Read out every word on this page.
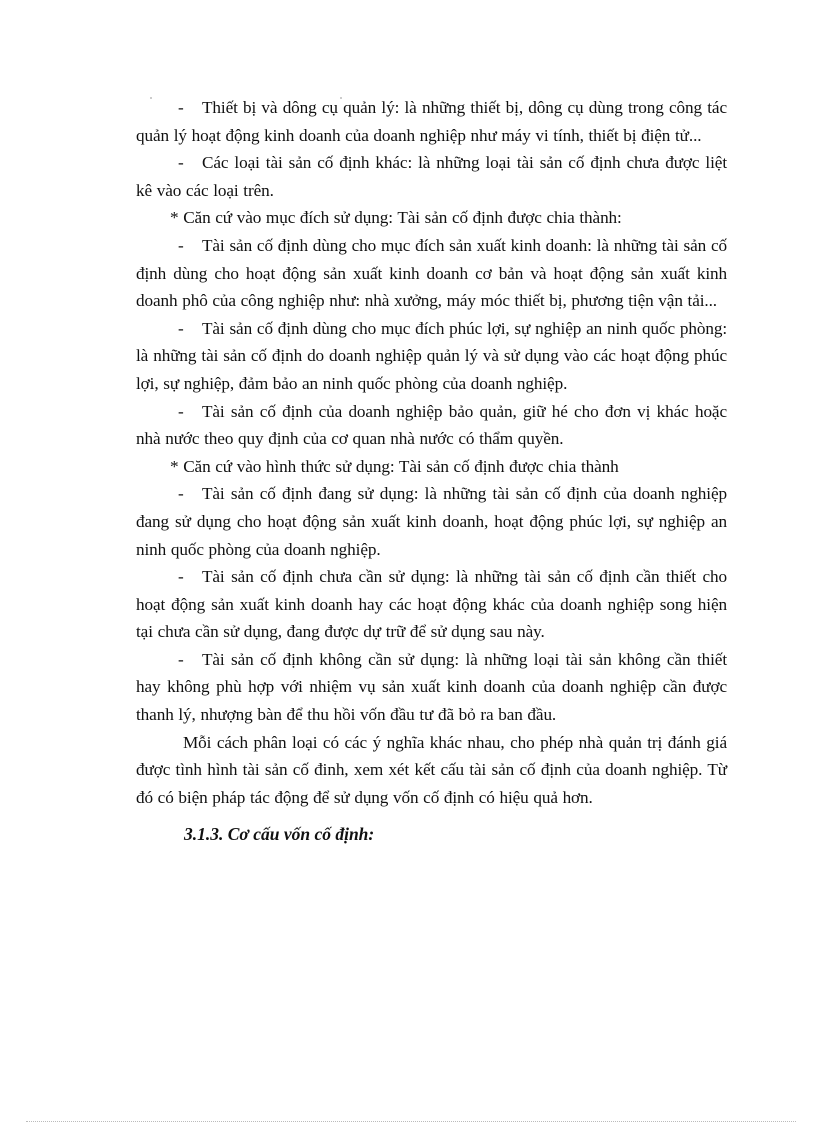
- Thiết bị và dông cụ quản lý: là những thiết bị, dông cụ dùng trong công tác quản lý hoạt động kinh doanh của doanh nghiệp như máy vi tính, thiết bị điện tử...

- Các loại tài sản cố định khác: là những loại tài sản cố định chưa được liệt kê vào các loại trên.

* Căn cứ vào mục đích sử dụng: Tài sản cố định được chia thành:

- Tài sản cố định dùng cho mục đích sản xuất kinh doanh: là những tài sản cố định dùng cho hoạt động sản xuất kinh doanh cơ bản và hoạt động sản xuất kinh doanh phô của công nghiệp như: nhà xưởng, máy móc thiết bị, phương tiện vận tải...

- Tài sản cố định dùng cho mục đích phúc lợi, sự nghiệp an ninh quốc phòng: là những tài sản cố định do doanh nghiệp quản lý và sử dụng vào các hoạt động phúc lợi, sự nghiệp, đảm bảo an ninh quốc phòng của doanh nghiệp.

- Tài sản cố định của doanh nghiệp bảo quản, giữ hé cho đơn vị khác hoặc nhà nước theo quy định của cơ quan nhà nước có thẩm quyền.

* Căn cứ vào hình thức sử dụng: Tài sản cố định được chia thành

- Tài sản cố định đang sử dụng: là những tài sản cố định của doanh nghiệp đang sử dụng cho hoạt động sản xuất kinh doanh, hoạt động phúc lợi, sự nghiệp an ninh quốc phòng của doanh nghiệp.

- Tài sản cố định chưa cần sử dụng: là những tài sản cố định cần thiết cho hoạt động sản xuất kinh doanh hay các hoạt động khác của doanh nghiệp song hiện tại chưa cần sử dụng, đang được dự trữ để sử dụng sau này.

- Tài sản cố định không cần sử dụng: là những loại tài sản không cần thiết hay không phù hợp với nhiệm vụ sản xuất kinh doanh của doanh nghiệp cần được thanh lý, nhượng bàn để thu hồi vốn đầu tư đã bỏ ra ban đầu.

Mỗi cách phân loại có các ý nghĩa khác nhau, cho phép nhà quản trị đánh giá được tình hình tài sản cố đinh, xem xét kết cấu tài sản cố định của doanh nghiệp. Từ đó có biện pháp tác động để sử dụng vốn cố định có hiệu quả hơn.

3.1.3. Cơ cấu vốn cố định:
